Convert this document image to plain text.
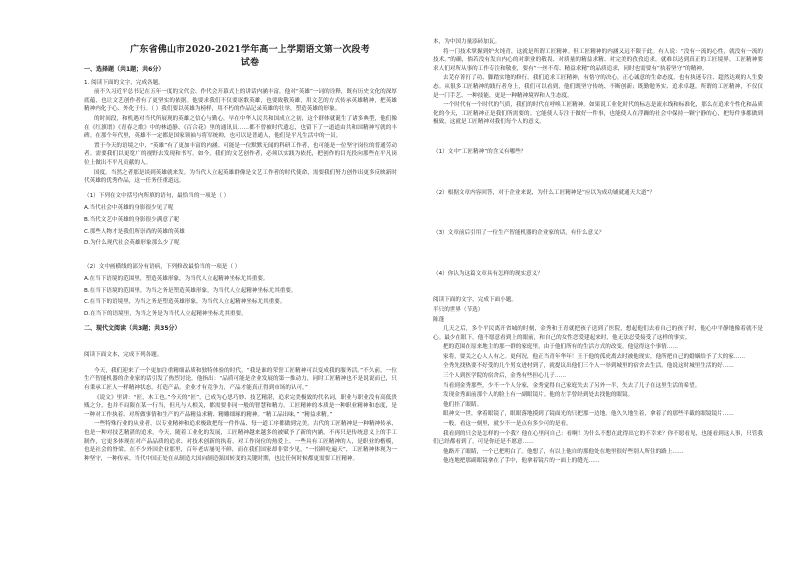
广东省佛山市2020-2021学年高一上学期语文第一次段考试卷
一、选择题（共1题；共6分）

1. 阅读下面的文字，完成各题。

前不久习近平总书记在五年一度的文代会、作代会开幕式上的讲话内涵丰富，他对“英雄”一词的诠释，既有历史文化的深厚底蕴，也让文艺创作者有了更坚实的依据。他要求我们不仅要讴歌英雄，也要致敬英雄，用文艺的方式传承英雄精神，把英雄精神内化于心、外化于行。（ ）我们要以英雄为榜样，用不朽的作品记录英雄的壮举，塑造英雄的形象。

的时间段，和机遇对当代所展现的英雄之信心与勤心，早在中华人民共和国成立之初，这个群体就诞生了诸多典型，他们像在《红旗谱》《青春之歌》中的林道静、《百合花》里的通讯员……都不曾被时代遗忘，也留下了一道道由共和国精神写就的丰碑。在那个年代里，英雄不一定都是国家领袖与将军统帅，也可以是普通人，他们是平凡生活中的一员。

置于今天的语境之中，“英雄”有了更加丰富的内涵。可能是一位默默无闻的科研工作者，也可能是一位坚守岗位的普通劳动者。需要我们以更宽广的视野去发现和书写。如今，我们的文艺创作者，必须以实践为依托，把创作的目光投向那些在平凡岗位上做出不平凡贡献的人。

国度。当然之者那是谈到英雄就来发。为当代人立起英雄群像是文艺工作者的时代使命，需要我们努力创作出更多反映新时代英雄的优秀作品，这一任务任重道远。

（1）下列在文中括号内所填的语句，最恰当的一项是（ ）

A.当代社会中英雄的身影很少见了呢

B.当代文艺中英雄的身影很少满意了呢

C.那些人物才是我们所崇尚的英雄的英雄

D.为什么现代社会英雄形象那么少了呢

（2）文中画横线的部分有语病，下列修改最恰当的一项是（ ）

A.在当下语境的范围里，塑造英雄形象，为当代人立起精神坐标尤其重要。

B.在当下语境的范围里，为当之务是塑造英雄形象，为当代人立起精神坐标尤其重要。

C.在当下的语境里，为当之务是塑造英雄形象，为当代人立起精神坐标尤其重要。

D.在当下的语境里，为当之务是为当代人立起精神坐标尤其重要。

二、现代文阅读（共3题；共35分）

阅读下面文本，完成下列各题。

今天，我们迎来了一个更加注重精细品质和独特体验的时代，“我是谁的荣誉工匠精神可以变成我的服务活。”不久前，一位生产智能机器的企业家的话引发了热烈讨论。他指出：“品质可能是企业发展的第一推动力，同时工匠精神也不是说说而已，只有秉承工匠人一样精神状态，打造产品，企业才有竞争力，产品才能真正得到市场的认可。”

《说文》里讲：“匠，木工也。”今天的“匠”，已成为心思巧妙、技艺精湛，追求完美极致的代名词，职业与职业没有高低贵贱之分，也并不局限在某一行当，但凡与人相关，都需要非同一般的智慧和精力。工匠精神的本质是一种职业精神和态度，是一种对工作执着、对所做事情和生产的产品精益求精、精雕细琢的精神。“精工品出味，” “精益求精。”

一些特殊行业的从业者，以专业精神和追求极致把每一件作品、每一道工序都做到完美。古代的工匠精神是一种精神传承，也是一种对技艺精湛的追求。今天，随着工业化的发展，工匠精神越来越多的被赋予了新的内涵，不再只是传统意义上的手工制作，它更多体现在对产品品质的追求、对技术创新的执着、对工作岗位的热爱上。一些具有工匠精神的人，是职业的楷模，也是社会的脊梁。在不少外国企业那里，百年老店屡见不鲜，而在我们国家却非常少见，“一招鲜吃遍天”，工匠精神体现为一种坚守，一种传承。当代中国正处在从制造大国向制造强国转变的关键时期，也比任何时候都更需要工匠精神。

本，为中国力量添砖加瓦。

将一门技术掌握到炉火纯青，这就是所谓工匠精神。但工匠精神的内涵又远不限于此。有人说：“没有一流的心性，就没有一流的技术。”的确，倘若没有发自内心的对职业的敬畏、对质量的精益求精、对完美的孜孜追求，就难以达到真正的工匠境界。工匠精神要求人们对所从事的工作专注和敬业，要有“一丝不苟、精益求精”的品质追求，同时也需要有“执着坚守”的精神。

去芜存菁打了功、脚踏实地的修行。我们追求工匠精神，有恪守的决心，正心诚意的生命态度，也有执迷专注、超然达观的人生姿态。从很多工匠精神的践行者身上，我们可以看到，他们既坚守传统、不断创新；既勤勉务实、追求卓越。所谓的工匠精神，不仅仅是一门手艺、一种技能，更是一种精神境界和人生态度。

一个时代有一个时代的气质，我们的时代在呼唤工匠精神。如果说工业化时代的标志是流水线和标准化，那么在追求个性化和品质化的今天，工匠精神正是我们所需要的。它能使人专注于做好一件事，也能使人在浮躁的社会中保持一颗宁静的心，把每件事都做到极致，这就是工匠精神对我们每个人的意义。

（1）文中“工匠精神”的含义有哪些？

（2）根据文章内容回答，对于企业来说，为什么工匠精神是“应以为成功铺就通天大道”？

（3）文章前后引用了一位生产智能机器的企业家的话，有什么意义？

（4）你认为这篇文章具有怎样的现实意义？

阅读下面的文字，完成下面小题。

半只的世界（节选）

陈蓬

几天之后，多个平民离开省城的时刻，金秀和王青就把孩子送到了医院，想起他们去看自己的孩子时，他心中平静地像着就不是心。最少在眼下，他不愿意看到上的眼前，和自己的女性恋爱建起来时，他无法忍受接受了这样的事实。

把的范围在原来地主的那一群的家庭里，由于他们所有的生活方式的改变。他觉得这个事情……

家将，要关之心人人有之。更何况，他正当青年华年！王于他的孤虎离去时被他现实，他所把自己的婚姻给予了大的家……

全秀先找热要不好受的几个男女进村到了，就提议出他们三个人一举到城里的宿舍去生活，他说这时城里生活的好……

三个人到医学院的宿舍后，金秀有些担心儿子……

当看到金秀那些，少不一个人分家，金秀觉得自己家庭失去了另外一半，失去了儿子在这里生活的希望。

发现金秀面前那个人的脸上有一副眼镜片。他的左手曾经到处去找他的眼镜。

他们挂了眼睛。

眼神交一世，拿着眼镜了，眼眼落地摸到了镜面光的只把那一边地。他久久地生着，拿着了的那些半截的眼镜镜片……

一般。看这一刻里，就少不一是点有多少可的是看。

我看到的只会是怎样的一个我？他在心里问自己：看啊！为什么不想在此得出它的不幸来？你不愿看见，也能看到这人事，只管我们已经都看到了，可是你还是不愿意……

他路开了眼睛，一个已把明白了。他想了，有以上他自的那他处在地里很好些别人所住的路上……

他连地把那副眼镜拿在了手中，他拿着镜片的一面上的缝光……
